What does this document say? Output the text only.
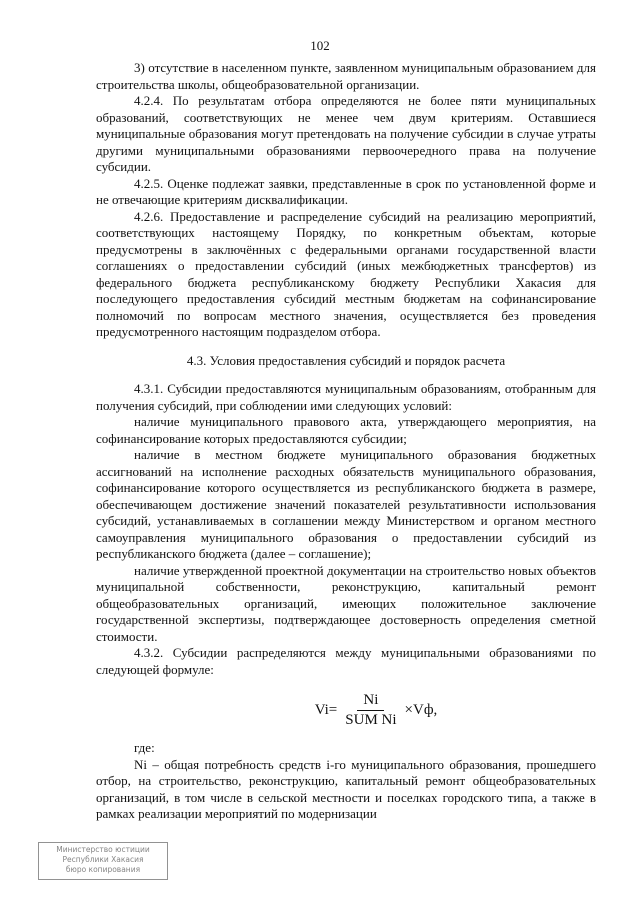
102

3) отсутствие в населенном пункте, заявленном муниципальным образованием для строительства школы, общеобразовательной организации.

4.2.4. По результатам отбора определяются не более пяти муниципальных образований, соответствующих не менее чем двум критериям. Оставшиеся муниципальные образования могут претендовать на получение субсидии в случае утраты другими муниципальными образованиями первоочередного права на получение субсидии.

4.2.5. Оценке подлежат заявки, представленные в срок по установленной форме и не отвечающие критериям дисквалификации.

4.2.6. Предоставление и распределение субсидий на реализацию мероприятий, соответствующих настоящему Порядку, по конкретным объектам, которые предусмотрены в заключённых с федеральными органами государственной власти соглашениях о предоставлении субсидий (иных межбюджетных трансфертов) из федерального бюджета республиканскому бюджету Республики Хакасия для последующего предоставления субсидий местным бюджетам на софинансирование полномочий по вопросам местного значения, осуществляется без проведения предусмотренного настоящим подразделом отбора.

4.3. Условия предоставления субсидий и порядок расчета

4.3.1. Субсидии предоставляются муниципальным образованиям, отобранным для получения субсидий, при соблюдении ими следующих условий:

наличие муниципального правового акта, утверждающего мероприятия, на софинансирование которых предоставляются субсидии;

наличие в местном бюджете муниципального образования бюджетных ассигнований на исполнение расходных обязательств муниципального образования, софинансирование которого осуществляется из республиканского бюджета в размере, обеспечивающем достижение значений показателей результативности использования субсидий, устанавливаемых в соглашении между Министерством и органом местного самоуправления муниципального образования о предоставлении субсидий из республиканского бюджета (далее – соглашение);

наличие утвержденной проектной документации на строительство новых объектов муниципальной собственности, реконструкцию, капитальный ремонт общеобразовательных организаций, имеющих положительное заключение государственной экспертизы, подтверждающее достоверность определения сметной стоимости.

4.3.2. Субсидии распределяются между муниципальными образованиями по следующей формуле:

$Vi= \frac{Ni}{\text{SUM Ni}} \times Vф$,

где:

Ni – общая потребность средств i-го муниципального образования, прошедшего отбор, на строительство, реконструкцию, капитальный ремонт общеобразовательных организаций, в том числе в сельской местности и поселках городского типа, а также в рамках реализации мероприятий по модернизации

Министерство юстиции
Республики Хакасия
бюро копирования
